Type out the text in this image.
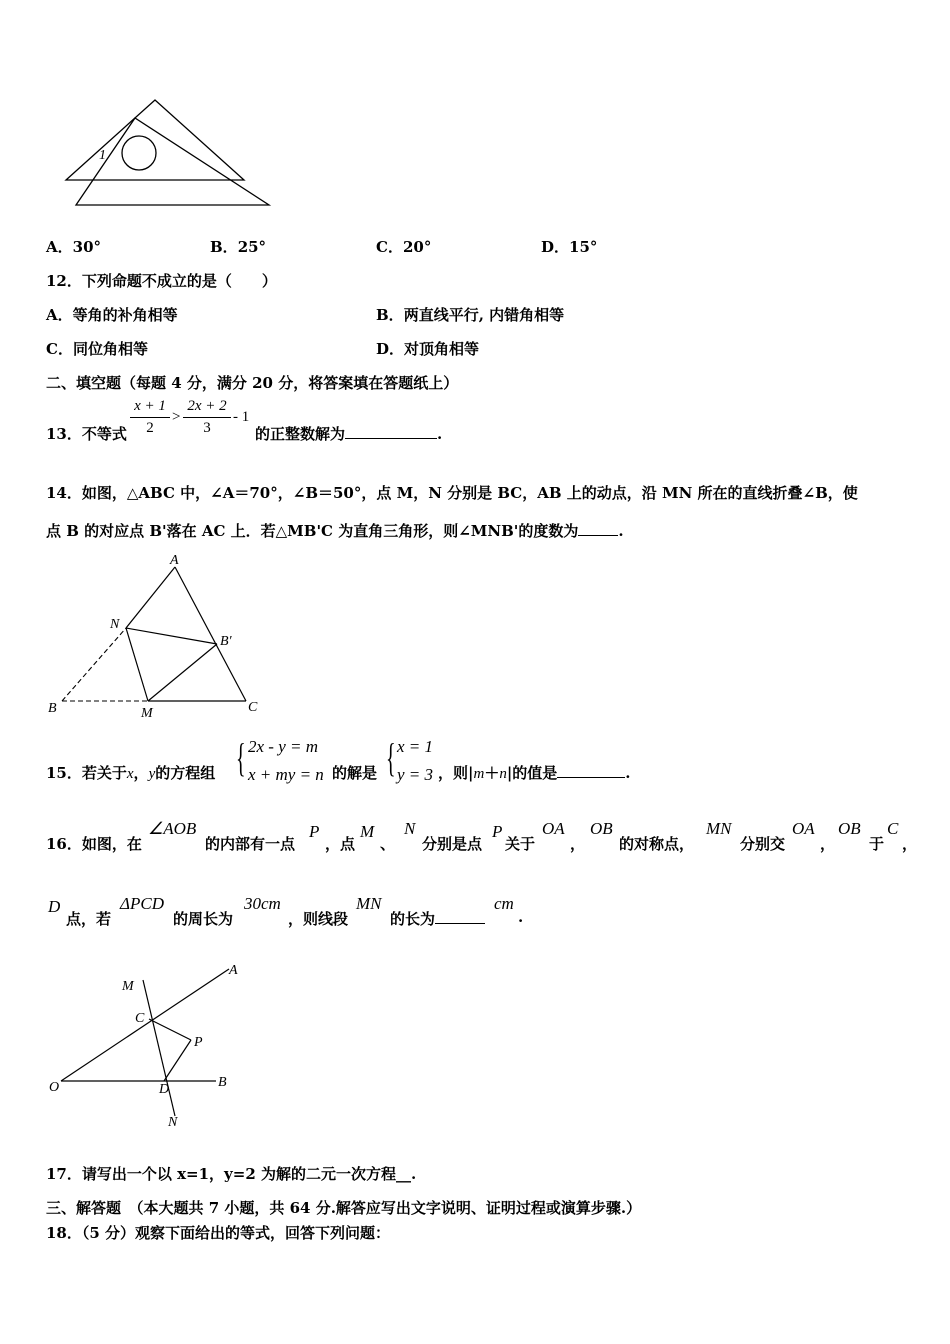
1
A．30°	B．25°	C．20°	D．15°
12．下列命题不成立的是（　　）
A．等角的补角相等	B．两直线平行, 内错角相等
C．同位角相等	D．对顶角相等
二、填空题（每题 4 分，满分 20 分，将答案填在答题纸上）
13．不等式
x + 1
2
>
2x + 2
3
- 1
的正整数解为	.
14．如图，△ABC 中，∠A＝70°，∠B＝50°，点 M，N 分别是 BC，AB 上的动点，沿 MN 所在的直线折叠∠B，使
点 B 的对应点 B'落在 AC 上．若△MB'C 为直角三角形，则∠MNB'的度数为	.
A
N
B′
B	M	C
15．若关于x，y的方程组 { 2x - y = m
x + my = n 的解是 { x = 1
y = 3 ，则|m＋n|的值是	.
16．如图，在
∠AOB
的内部有一点
P
，点
M
、
N
分别是点
P
关于
OA
，
OB
的对称点，
MN
分别交
OA
，
OB
于
C
，
D
点，若
ΔPCD
的周长为
30cm
，则线段
MN
的长为
cm
.
M
A
C
P
O	D	B
N
17．请写出一个以 x=1，y=2 为解的二元一次方程__.
三、解答题　（本大题共 7 小题，共 64 分.解答应写出文字说明、证明过程或演算步骤.）
18．（5 分）观察下面给出的等式，回答下列问题：
